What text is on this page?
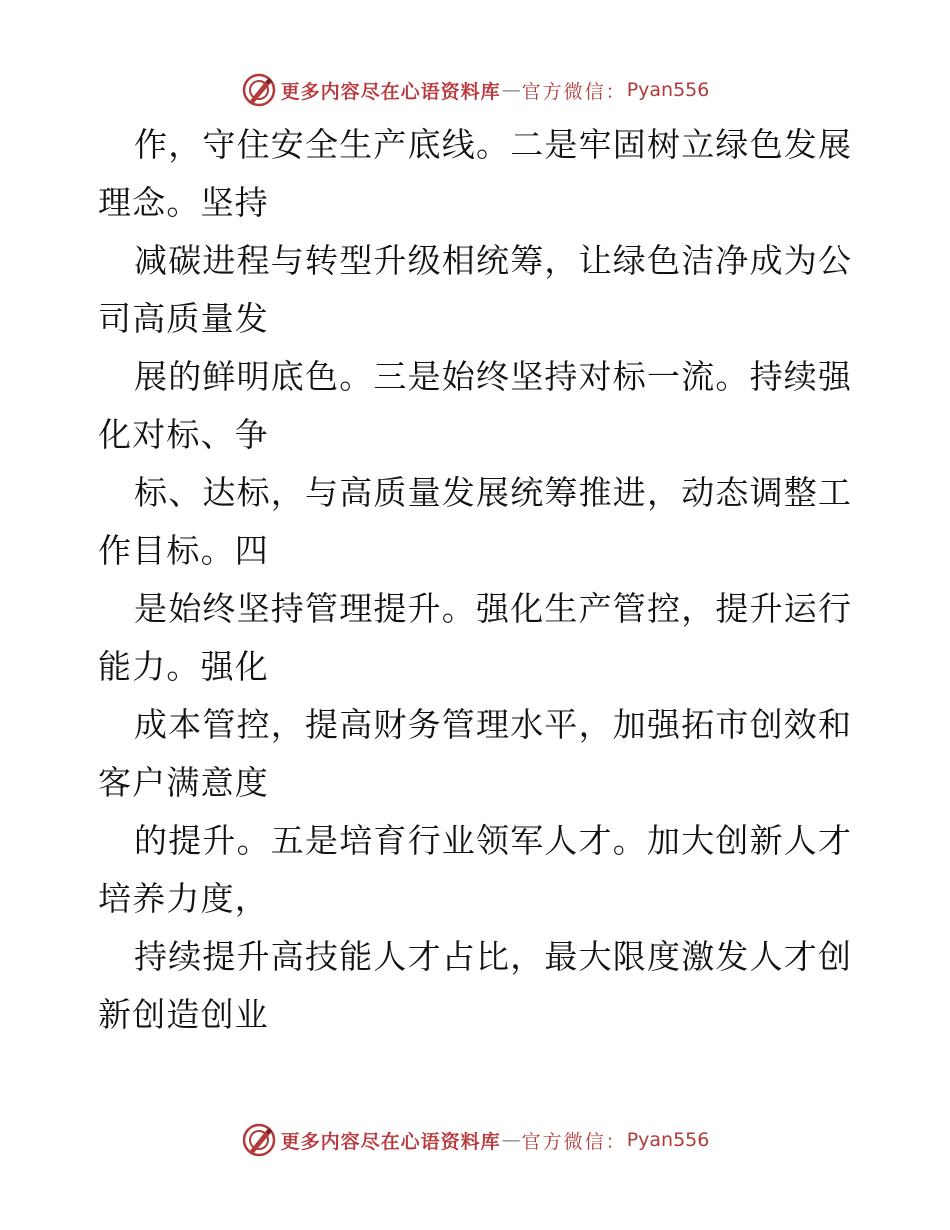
更多内容尽在心语资料库 — 官方微信： Pyan556
作，守住安全生产底线。二是牢固树立绿色发展
理念。坚持
减碳进程与转型升级相统筹，让绿色洁净成为公
司高质量发
展的鲜明底色。三是始终坚持对标一流。持续强
化对标、争
标、达标，与高质量发展统筹推进，动态调整工
作目标。四
是始终坚持管理提升。强化生产管控，提升运行
能力。强化
成本管控，提高财务管理水平，加强拓市创效和
客户满意度
的提升。五是培育行业领军人才。加大创新人才
培养力度，
持续提升高技能人才占比，最大限度激发人才创
新创造创业
更多内容尽在心语资料库 — 官方微信： Pyan556
